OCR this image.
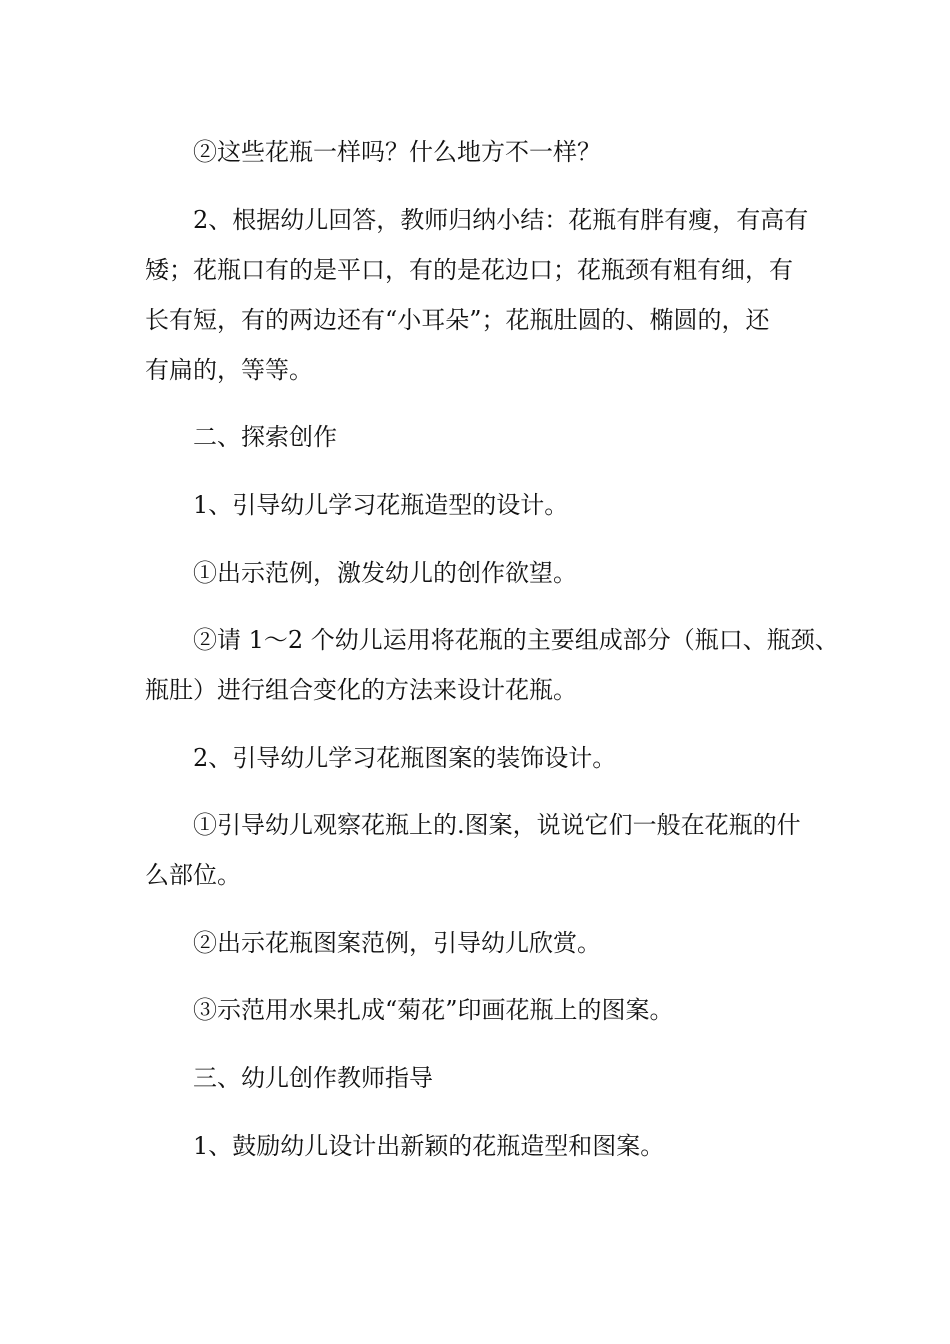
②这些花瓶一样吗？什么地方不一样？
2、根据幼儿回答，教师归纳小结：花瓶有胖有瘦，有高有
矮；花瓶口有的是平口，有的是花边口；花瓶颈有粗有细，有
长有短，有的两边还有“小耳朵”；花瓶肚圆的、椭圆的，还
有扁的，等等。
二、探索创作
1、引导幼儿学习花瓶造型的设计。
①出示范例，激发幼儿的创作欲望。
②请 1～2 个幼儿运用将花瓶的主要组成部分（瓶口、瓶颈、
瓶肚）进行组合变化的方法来设计花瓶。
2、引导幼儿学习花瓶图案的装饰设计。
①引导幼儿观察花瓶上的.图案，说说它们一般在花瓶的什
么部位。
②出示花瓶图案范例，引导幼儿欣赏。
③示范用水果扎成“菊花”印画花瓶上的图案。
三、幼儿创作教师指导
1、鼓励幼儿设计出新颖的花瓶造型和图案。
